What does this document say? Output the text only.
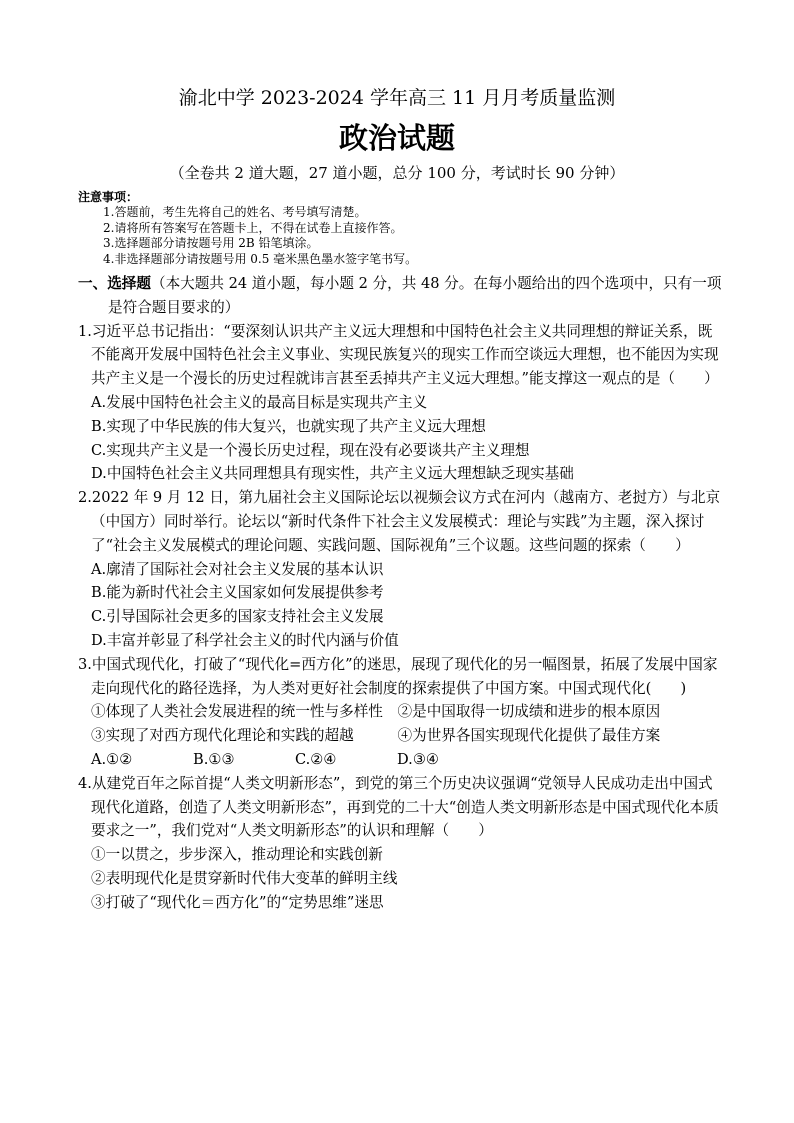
渝北中学 2023-2024 学年高三 11 月月考质量监测
政治试题
（全卷共 2 道大题，27 道小题，总分 100 分，考试时长 90 分钟）
注意事项：
1.答题前，考生先将自己的姓名、考号填写清楚。
2.请将所有答案写在答题卡上，不得在试卷上直接作答。
3.选择题部分请按题号用 2B 铅笔填涂。
4.非选择题部分请按题号用 0.5 毫米黑色墨水签字笔书写。
一、选择题（本大题共 24 道小题，每小题 2 分，共 48 分。在每小题给出的四个选项中，只有一项是符合题目要求的）
1.习近平总书记指出：“要深刻认识共产主义远大理想和中国特色社会主义共同理想的辩证关系，既不能离开发展中国特色社会主义事业、实现民族复兴的现实工作而空谈远大理想，也不能因为实现共产主义是一个漫长的历史过程就讳言甚至丢掉共产主义远大理想。”能支撑这一观点的是（　　）
A.发展中国特色社会主义的最高目标是实现共产主义
B.实现了中华民族的伟大复兴，也就实现了共产主义远大理想
C.实现共产主义是一个漫长历史过程，现在没有必要谈共产主义理想
D.中国特色社会主义共同理想具有现实性，共产主义远大理想缺乏现实基础
2.2022 年 9 月 12 日，第九届社会主义国际论坛以视频会议方式在河内（越南方、老挝方）与北京（中国方）同时举行。论坛以“新时代条件下社会主义发展模式：理论与实践”为主题，深入探讨了“社会主义发展模式的理论问题、实践问题、国际视角”三个议题。这些问题的探索（　　）
A.廓清了国际社会对社会主义发展的基本认识
B.能为新时代社会主义国家如何发展提供参考
C.引导国际社会更多的国家支持社会主义发展
D.丰富并彰显了科学社会主义的时代内涵与价值
3.中国式现代化，打破了“现代化=西方化”的迷思，展现了现代化的另一幅图景，拓展了发展中国家走向现代化的路径选择，为人类对更好社会制度的探索提供了中国方案。中国式现代化(　　)
①体现了人类社会发展进程的统一性与多样性　 ②是中国取得一切成绩和进步的根本原因
③实现了对西方现代化理论和实践的超越　　　	④为世界各国实现现代化提供了最佳方案
A.①②	B.①③	C.②④	D.③④
4.从建党百年之际首提“人类文明新形态”，到党的第三个历史决议强调“党领导人民成功走出中国式现代化道路，创造了人类文明新形态”，再到党的二十大“创造人类文明新形态是中国式现代化本质要求之一”，我们党对“人类文明新形态”的认识和理解（　　）
①一以贯之，步步深入，推动理论和实践创新
②表明现代化是贯穿新时代伟大变革的鲜明主线
③打破了“现代化＝西方化”的“定势思维”迷思
